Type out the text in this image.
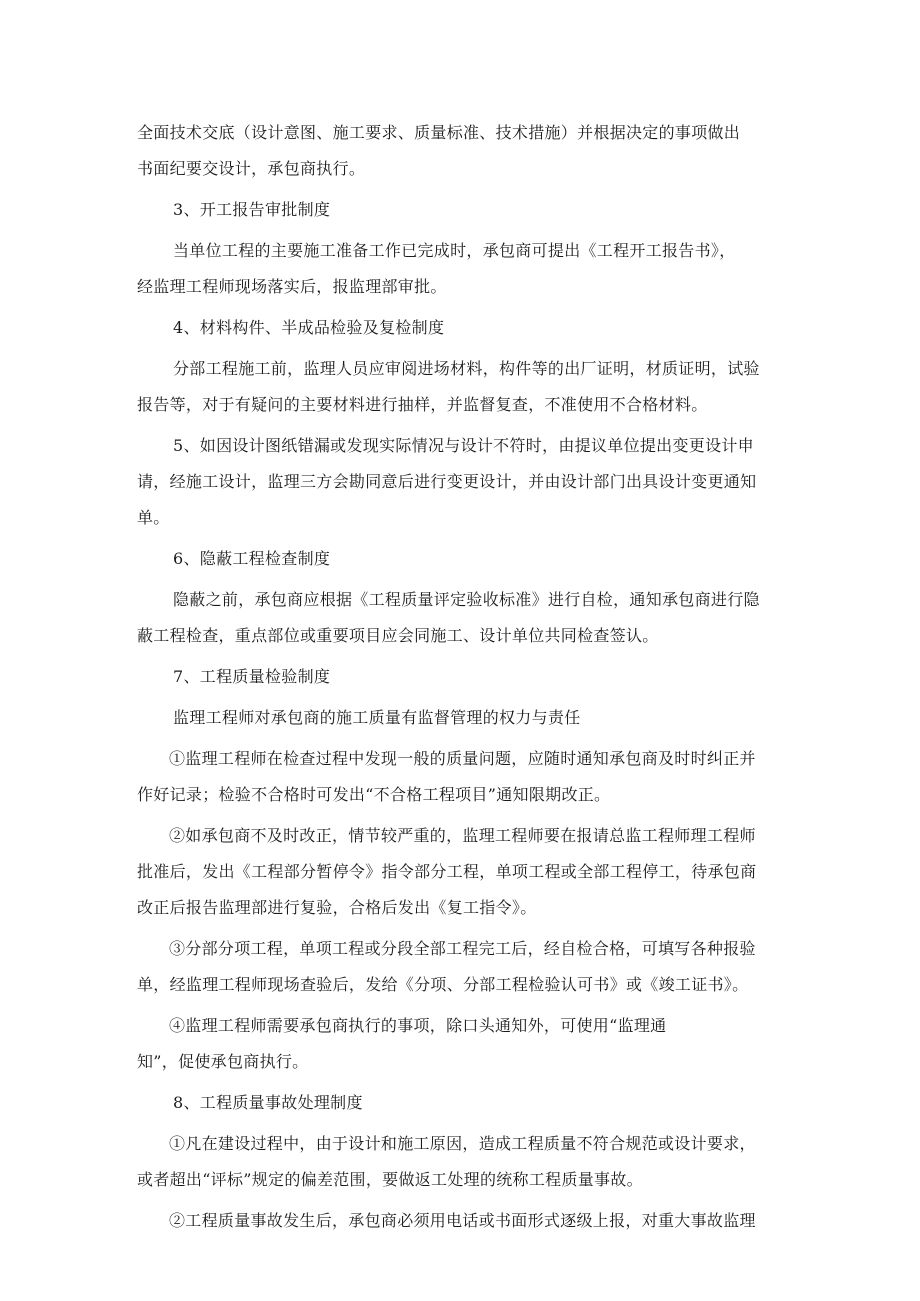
全面技术交底（设计意图、施工要求、质量标准、技术措施）并根据决定的事项做出
书面纪要交设计，承包商执行。
3、开工报告审批制度
当单位工程的主要施工准备工作已完成时，承包商可提出《工程开工报告书》，
经监理工程师现场落实后，报监理部审批。
4、材料构件、半成品检验及复检制度
分部工程施工前，监理人员应审阅进场材料，构件等的出厂证明，材质证明，试验
报告等，对于有疑问的主要材料进行抽样，并监督复查，不准使用不合格材料。
5、如因设计图纸错漏或发现实际情况与设计不符时，由提议单位提出变更设计申
请，经施工设计，监理三方会勘同意后进行变更设计，并由设计部门出具设计变更通知
单。
6、隐蔽工程检查制度
隐蔽之前，承包商应根据《工程质量评定验收标准》进行自检，通知承包商进行隐
蔽工程检查，重点部位或重要项目应会同施工、设计单位共同检查签认。
7、工程质量检验制度
监理工程师对承包商的施工质量有监督管理的权力与责任
①监理工程师在检查过程中发现一般的质量问题，应随时通知承包商及时时纠正并
作好记录；检验不合格时可发出“不合格工程项目”通知限期改正。
②如承包商不及时改正，情节较严重的，监理工程师要在报请总监工程师理工程师
批准后，发出《工程部分暂停令》指令部分工程，单项工程或全部工程停工，待承包商
改正后报告监理部进行复验，合格后发出《复工指令》。
③分部分项工程，单项工程或分段全部工程完工后，经自检合格，可填写各种报验
单，经监理工程师现场查验后，发给《分项、分部工程检验认可书》或《竣工证书》。
④监理工程师需要承包商执行的事项，除口头通知外，可使用“监理通
知”，促使承包商执行。
8、工程质量事故处理制度
①凡在建设过程中，由于设计和施工原因，造成工程质量不符合规范或设计要求，
或者超出“评标”规定的偏差范围，要做返工处理的统称工程质量事故。
②工程质量事故发生后，承包商必须用电话或书面形式逐级上报，对重大事故监理
